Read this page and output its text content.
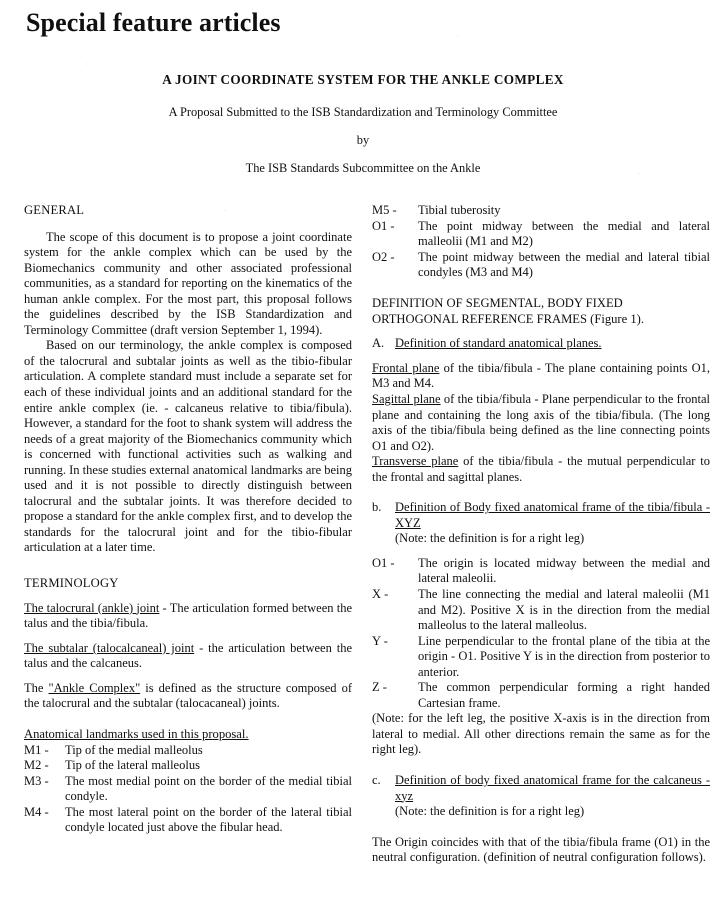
Special feature articles
A JOINT COORDINATE SYSTEM FOR THE ANKLE COMPLEX
A Proposal Submitted to the ISB Standardization and Terminology Committee
by
The ISB Standards Subcommittee on the Ankle
GENERAL

The scope of this document is to propose a joint coordinate system for the ankle complex which can be used by the Biomechanics community and other associated professional communities, as a standard for reporting on the kinematics of the human ankle complex. For the most part, this proposal follows the guidelines described by the ISB Standardization and Terminology Committee (draft version September 1, 1994).

Based on our terminology, the ankle complex is composed of the talocrural and subtalar joints as well as the tibio-fibular articulation. A complete standard must include a separate set for each of these individual joints and an additional standard for the entire ankle complex (ie. - calcaneus relative to tibia/fibula). However, a standard for the foot to shank system will address the needs of a great majority of the Biomechanics community which is concerned with functional activities such as walking and running. In these studies external anatomical landmarks are being used and it is not possible to directly distinguish between talocrural and the subtalar joints. It was therefore decided to propose a standard for the ankle complex first, and to develop the standards for the talocrural joint and for the tibio-fibular articulation at a later time.

TERMINOLOGY

The talocrural (ankle) joint - The articulation formed between the talus and the tibia/fibula.

The subtalar (talocalcaneal) joint - the articulation between the talus and the calcaneus.

The "Ankle Complex" is defined as the structure composed of the talocrural and the subtalar (talocacaneal) joints.

Anatomical landmarks used in this proposal.
M1 -	Tip of the medial malleolus
M2 -	Tip of the lateral malleolus
M3 -	The most medial point on the border of the medial tibial condyle.
M4 -	The most lateral point on the border of the lateral tibial condyle located just above the fibular head.
M5 -	Tibial tuberosity
O1 -	The point midway between the medial and lateral malleolii (M1 and M2)
O2 -	The point midway between the medial and lateral tibial condyles (M3 and M4)
DEFINITION OF SEGMENTAL, BODY FIXED
ORTHOGONAL REFERENCE FRAMES (Figure 1).
A. Definition of standard anatomical planes.

Frontal plane of the tibia/fibula - The plane containing points O1, M3 and M4.

Sagittal plane of the tibia/fibula - Plane perpendicular to the frontal plane and containing the long axis of the tibia/fibula. (The long axis of the tibia/fibula being defined as the line connecting points O1 and O2).

Transverse plane of the tibia/fibula - the mutual perpendicular to the frontal and sagittal planes.

b.	Definition of Body fixed anatomical frame of the tibia/fibula - XYZ
(Note: the definition is for a right leg)
O1 -	The origin is located midway between the medial and lateral maleolii.
X -	The line connecting the medial and lateral maleolii (M1 and M2). Positive X is in the direction from the medial malleolus to the lateral malleolus.
Y -	Line perpendicular to the frontal plane of the tibia at the origin - O1. Positive Y is in the direction from posterior to anterior.
Z -	The common perpendicular forming a right handed Cartesian frame.

(Note: for the left leg, the positive X-axis is in the direction from lateral to medial. All other directions remain the same as for the right leg).

c.	Definition of body fixed anatomical frame for the calcaneus - xyz
(Note: the definition is for a right leg)

The Origin coincides with that of the tibia/fibula frame (O1) in the neutral configuration. (definition of neutral configuration follows).
